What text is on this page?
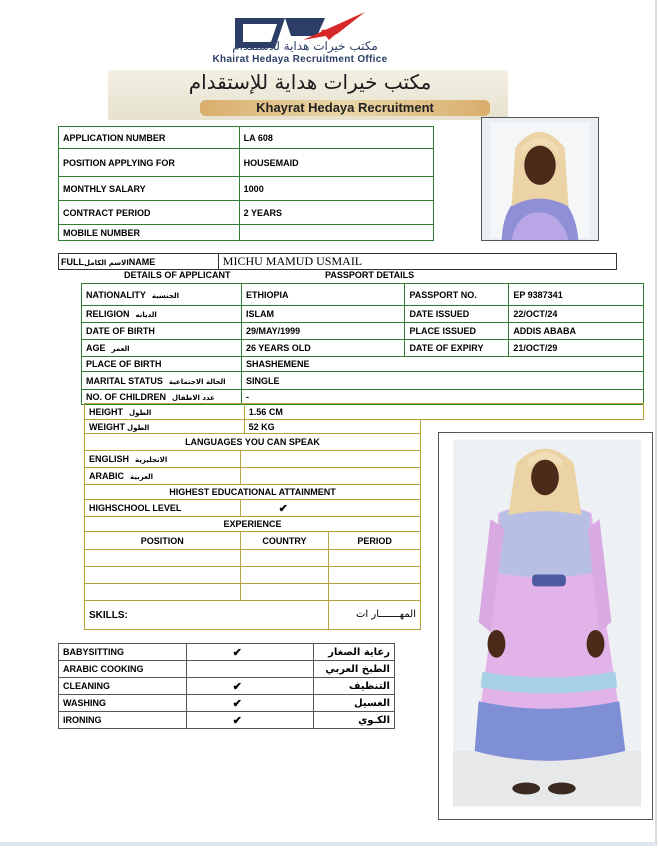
مكتب خيرات هداية للاستقدام
Khairat Hedaya Recruitment Office
مكتب خيرات هداية للإستقدام
Khayrat Hedaya Recruitment
APPLICATION NUMBER	LA 608
POSITION APPLYING FOR	HOUSEMAID
MONTHLY SALARY	1000
CONTRACT PERIOD	2 YEARS
MOBILE NUMBER	
FULLالاسم الكاملNAME	MICHU MAMUD USMAIL
DETAILS OF APPLICANT	PASSPORT DETAILS
NATIONALITY الجنسية	ETHIOPIA	PASSPORT NO.	EP 9387341
RELIGION الديانه	ISLAM	DATE ISSUED	22/OCT/24
DATE OF BIRTH	29/MAY/1999	PLACE ISSUED	ADDIS ABABA
AGE العمر	26 YEARS OLD	DATE OF EXPIRY	21/OCT/29
PLACE OF BIRTH	SHASHEMENE		
MARITAL STATUS الحالة الاجتماعية	SINGLE		
NO. OF CHILDREN عدد الاطفال	-		
HEIGHT الطول	1.56 CM
WEIGHT الطول	52 KG
LANGUAGES YOU CAN SPEAK		
ENGLISH الانجليزية		
ARABIC العربية		
HIGHEST EDUCATIONAL ATTAINMENT		
HIGHSCHOOL LEVEL	✔	
EXPERIENCE		
POSITION	COUNTRY	PERIOD

SKILLS:		المهـــــــار ات
BABYSITTING	✔	رعاية الصغار
ARABIC COOKING		الطبخ العربي
CLEANING	✔	التنظيف
WASHING	✔	الغسيل
IRONING	✔	الكـوي
